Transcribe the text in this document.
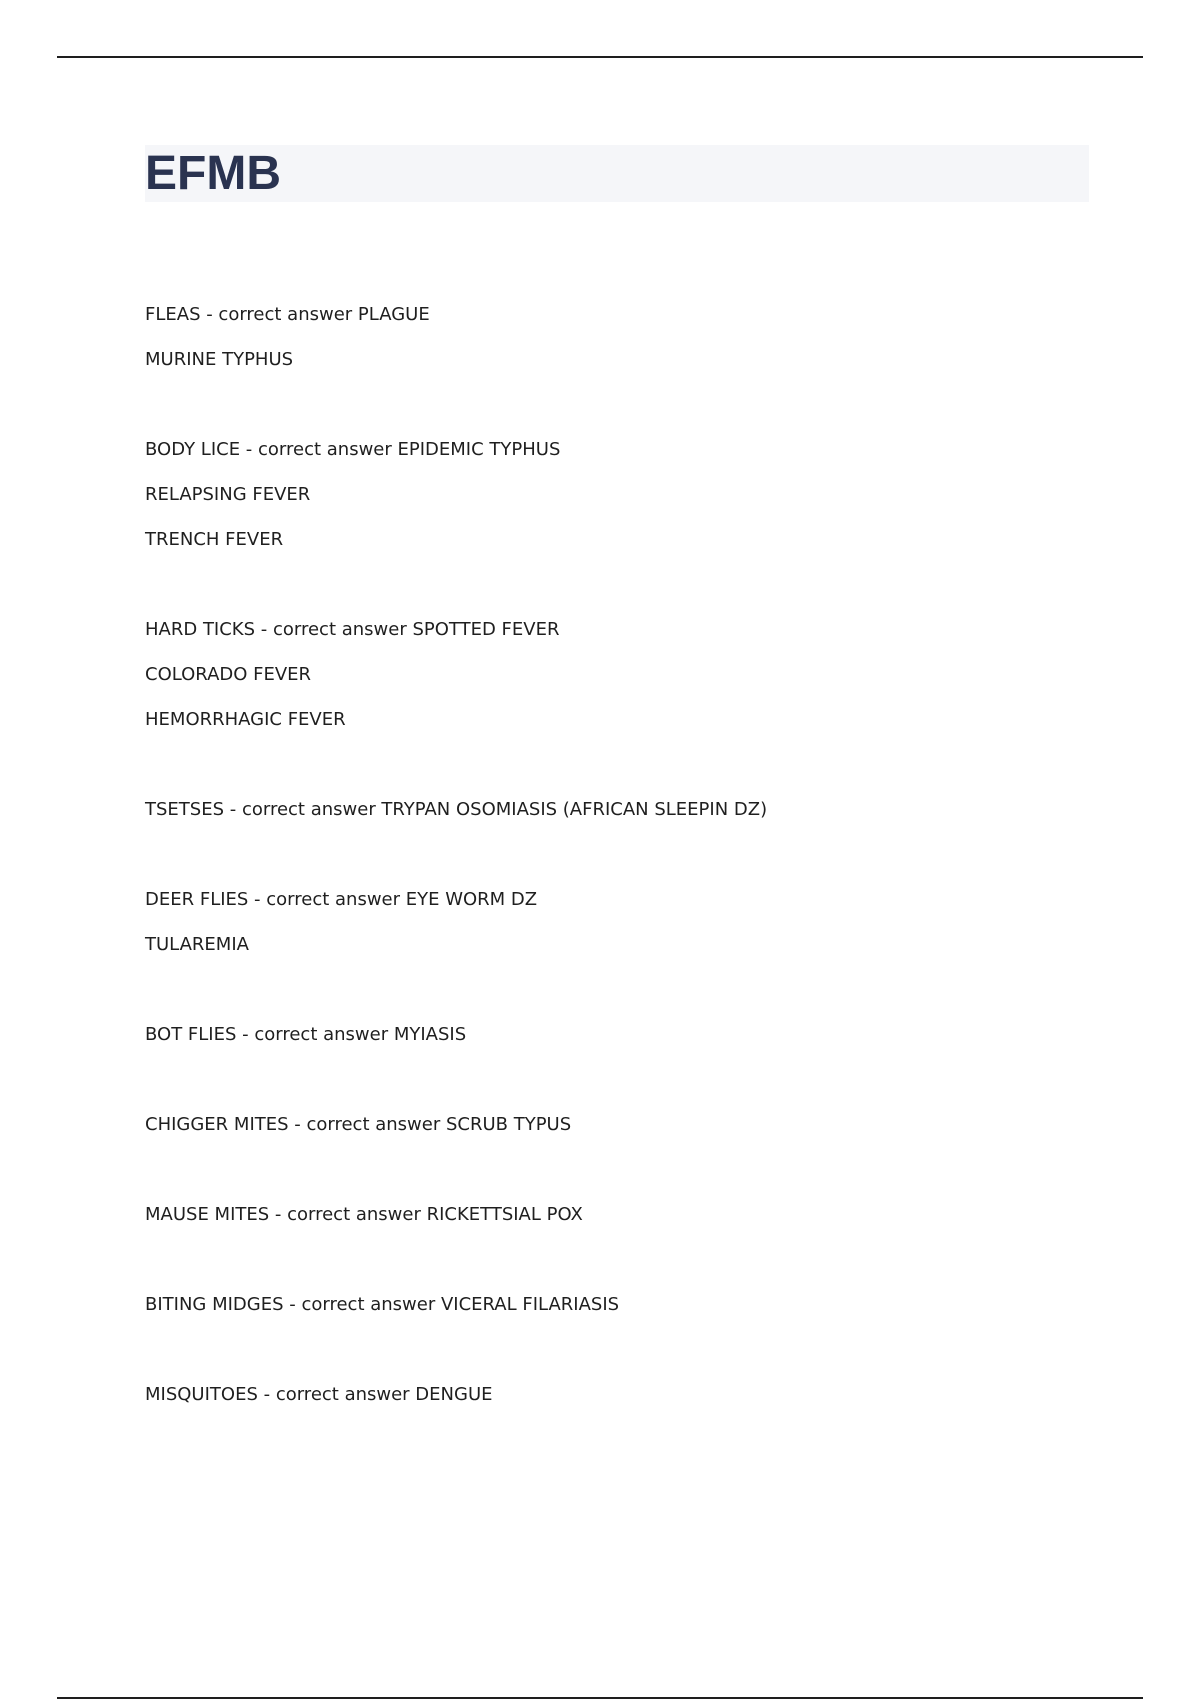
EFMB
FLEAS - correct answer PLAGUE
MURINE TYPHUS
BODY LICE - correct answer EPIDEMIC TYPHUS
RELAPSING FEVER
TRENCH FEVER
HARD TICKS - correct answer SPOTTED FEVER
COLORADO FEVER
HEMORRHAGIC FEVER
TSETSES - correct answer TRYPAN OSOMIASIS (AFRICAN SLEEPIN DZ)
DEER FLIES - correct answer EYE WORM DZ
TULAREMIA
BOT FLIES - correct answer MYIASIS
CHIGGER MITES - correct answer SCRUB TYPUS
MAUSE MITES - correct answer RICKETTSIAL POX
BITING MIDGES - correct answer VICERAL FILARIASIS
MISQUITOES - correct answer DENGUE
